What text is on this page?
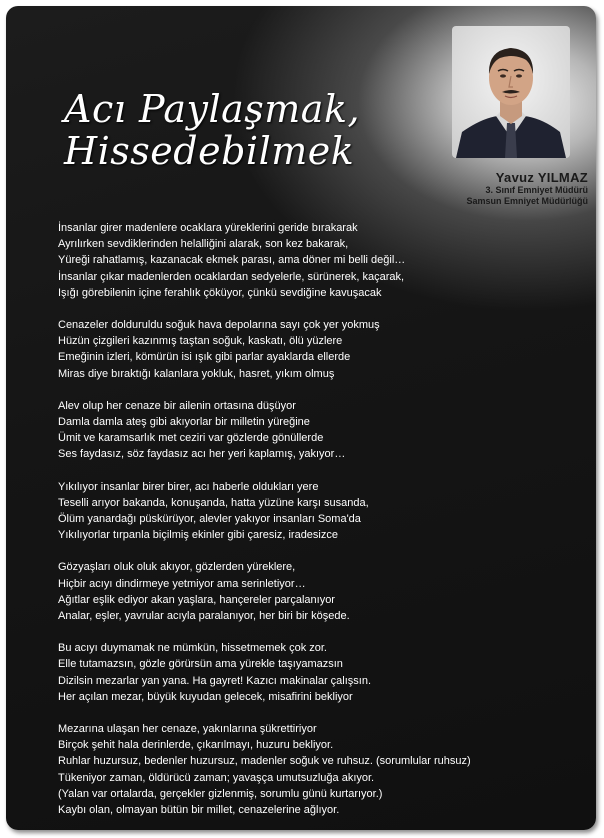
Acı Paylaşmak,
Hissedebilmek
Yavuz YILMAZ
3. Sınıf Emniyet Müdürü
Samsun Emniyet Müdürlüğü
İnsanlar girer madenlere ocaklara yüreklerini geride bırakarak
Ayrılırken sevdiklerinden helalliğini alarak, son kez bakarak,
Yüreği rahatlamış, kazanacak ekmek parası, ama döner mi belli değil…
İnsanlar çıkar madenlerden ocaklardan sedyelerle, sürünerek, kaçarak,
Işığı görebilenin içine ferahlık çöküyor, çünkü sevdiğine kavuşacak
Cenazeler dolduruldu soğuk hava depolarına sayı çok yer yokmuş
Hüzün çizgileri kazınmış taştan soğuk, kaskatı, ölü yüzlere
Emeğinin izleri, kömürün isi ışık gibi parlar ayaklarda ellerde
Miras diye bıraktığı kalanlara yokluk, hasret, yıkım olmuş
Alev olup her cenaze bir ailenin ortasına düşüyor
Damla damla ateş gibi akıyorlar bir milletin yüreğine
Ümit ve karamsarlık met ceziri var gözlerde gönüllerde
Ses faydasız, söz faydasız acı her yeri kaplamış, yakıyor…
Yıkılıyor insanlar birer birer, acı haberle oldukları yere
Teselli arıyor bakanda, konuşanda, hatta yüzüne karşı susanda,
Ölüm yanardağı püskürüyor, alevler yakıyor insanları Soma'da
Yıkılıyorlar tırpanla biçilmiş ekinler gibi çaresiz, iradesizce
Gözyaşları oluk oluk akıyor, gözlerden yüreklere,
Hiçbir acıyı dindirmeye yetmiyor ama serinletiyor…
Ağıtlar eşlik ediyor akan yaşlara, hançereler parçalanıyor
Analar, eşler, yavrular acıyla paralanıyor, her biri bir köşede.
Bu acıyı duymamak ne mümkün, hissetmemek çok zor.
Elle tutamazsın, gözle görürsün ama yürekle taşıyamazsın
Dizilsin mezarlar yan yana. Ha gayret! Kazıcı makinalar çalışsın.
Her açılan mezar, büyük kuyudan gelecek, misafirini bekliyor
Mezarına ulaşan her cenaze, yakınlarına şükrettiriyor
Birçok şehit hala derinlerde, çıkarılmayı, huzuru bekliyor.
Ruhlar huzursuz, bedenler huzursuz, madenler soğuk ve ruhsuz. (sorumlular ruhsuz)
Tükeniyor zaman, öldürücü zaman; yavaşça umutsuzluğa akıyor.
(Yalan var ortalarda, gerçekler gizlenmiş, sorumlu günü kurtarıyor.)
Kaybı olan, olmayan bütün bir millet, cenazelerine ağlıyor.
